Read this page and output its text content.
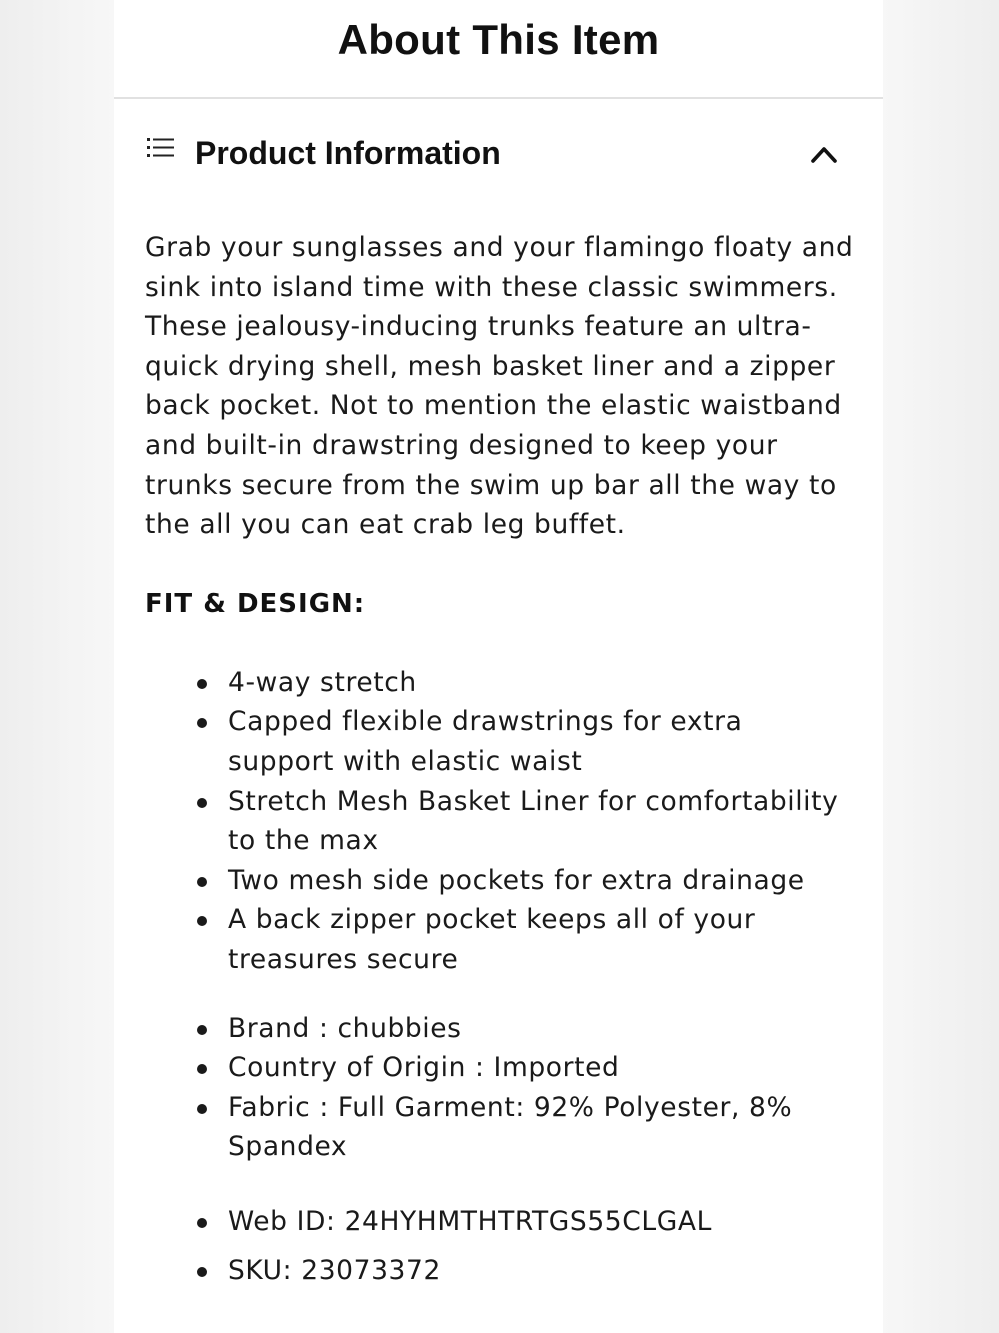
About This Item
Product Information

Grab your sunglasses and your flamingo floaty and sink into island time with these classic swimmers. These jealousy-inducing trunks feature an ultra-quick drying shell, mesh basket liner and a zipper back pocket. Not to mention the elastic waistband and built-in drawstring designed to keep your trunks secure from the swim up bar all the way to the all you can eat crab leg buffet.

FIT & DESIGN:
4-way stretch
Capped flexible drawstrings for extra support with elastic waist
Stretch Mesh Basket Liner for comfortability to the max
Two mesh side pockets for extra drainage
A back zipper pocket keeps all of your treasures secure
Brand : chubbies
Country of Origin : Imported
Fabric : Full Garment: 92% Polyester, 8% Spandex
Web ID: 24HYHMTHTRTGS55CLGAL
SKU: 23073372
